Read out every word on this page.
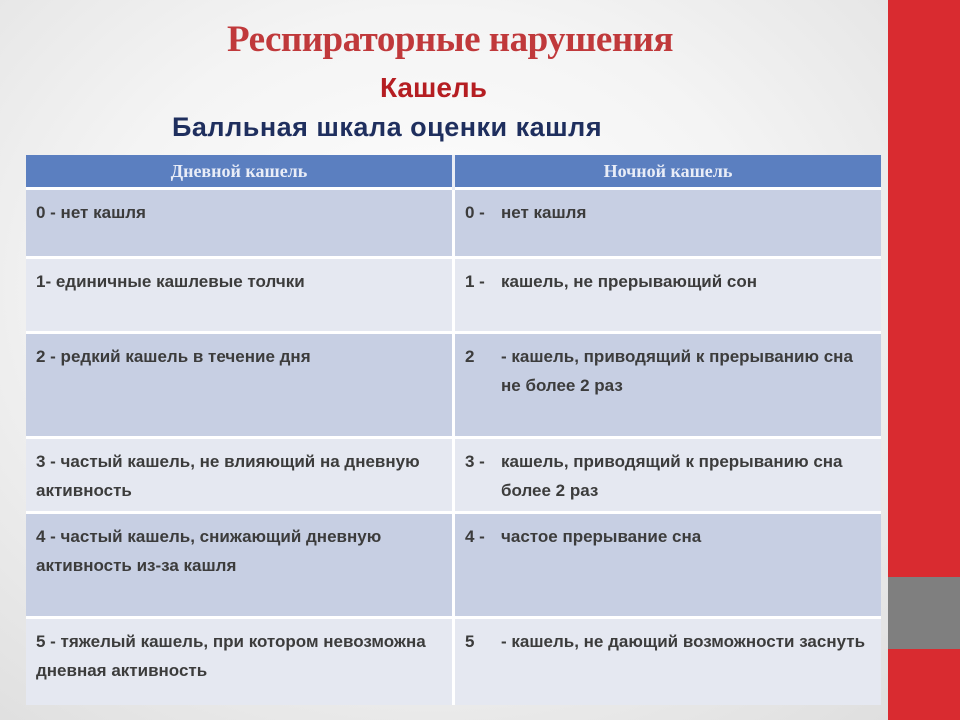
Респираторные нарушения
Кашель
Балльная шкала оценки кашля
Дневной кашель	Ночной кашель
0 - нет кашля	0 - нет кашля

1- единичные кашлевые толчки	1 - кашель, не прерывающий сон

2 - редкий кашель в течение дня	2 - кашель, приводящий к прерыванию сна не более 2 раз

3 - частый кашель, не влияющий на дневную активность	3 - кашель, приводящий к прерыванию сна более 2 раз

4 - частый кашель, снижающий дневную активность из-за кашля	4 - частое прерывание сна

5 - тяжелый кашель, при котором невозможна дневная активность	5 - кашель, не дающий возможности заснуть
